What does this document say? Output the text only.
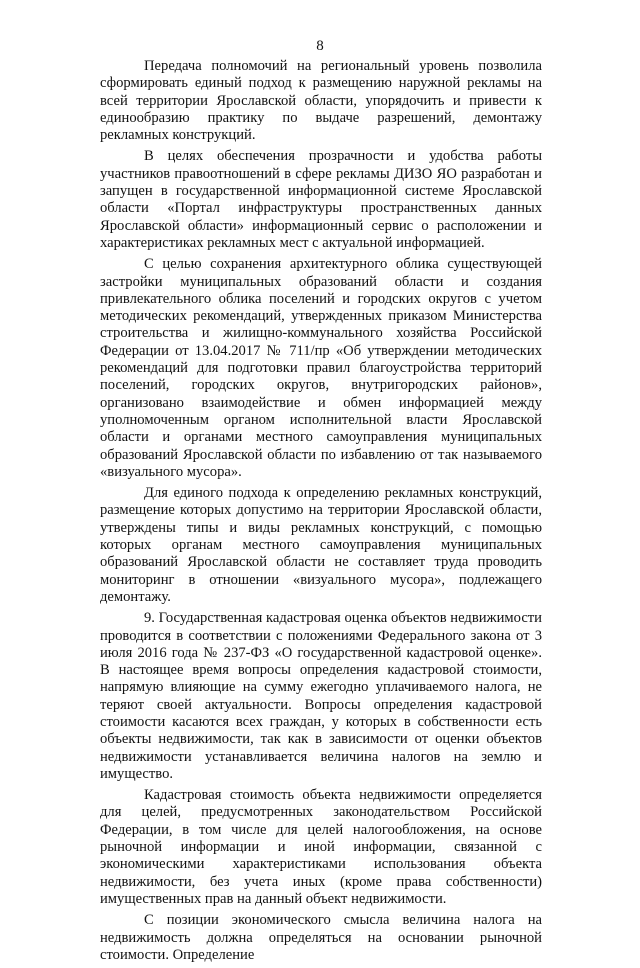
8

Передача полномочий на региональный уровень позволила сформировать единый подход к размещению наружной рекламы на всей территории Ярославской области, упорядочить и привести к единообразию практику по выдаче разрешений, демонтажу рекламных конструкций.

В целях обеспечения прозрачности и удобства работы участников правоотношений в сфере рекламы ДИЗО ЯО разработан и запущен в государственной информационной системе Ярославской области «Портал инфраструктуры пространственных данных Ярославской области» информационный сервис о расположении и характеристиках рекламных мест с актуальной информацией.

С целью сохранения архитектурного облика существующей застройки муниципальных образований области и создания привлекательного облика поселений и городских округов с учетом методических рекомендаций, утвержденных приказом Министерства строительства и жилищно-коммунального хозяйства Российской Федерации от 13.04.2017 № 711/пр «Об утверждении методических рекомендаций для подготовки правил благоустройства территорий поселений, городских округов, внутригородских районов», организовано взаимодействие и обмен информацией между уполномоченным органом исполнительной власти Ярославской области и органами местного самоуправления муниципальных образований Ярославской области по избавлению от так называемого «визуального мусора».

Для единого подхода к определению рекламных конструкций, размещение которых допустимо на территории Ярославской области, утверждены типы и виды рекламных конструкций, с помощью которых органам местного самоуправления муниципальных образований Ярославской области не составляет труда проводить мониторинг в отношении «визуального мусора», подлежащего демонтажу.

9. Государственная кадастровая оценка объектов недвижимости проводится в соответствии с положениями Федерального закона от 3 июля 2016 года № 237-ФЗ «О государственной кадастровой оценке». В настоящее время вопросы определения кадастровой стоимости, напрямую влияющие на сумму ежегодно уплачиваемого налога, не теряют своей актуальности. Вопросы определения кадастровой стоимости касаются всех граждан, у которых в собственности есть объекты недвижимости, так как в зависимости от оценки объектов недвижимости устанавливается величина налогов на землю и имущество.

Кадастровая стоимость объекта недвижимости определяется для целей, предусмотренных законодательством Российской Федерации, в том числе для целей налогообложения, на основе рыночной информации и иной информации, связанной с экономическими характеристиками использования объекта недвижимости, без учета иных (кроме права собственности) имущественных прав на данный объект недвижимости.

С позиции экономического смысла величина налога на недвижимость должна определяться на основании рыночной стоимости. Определение
